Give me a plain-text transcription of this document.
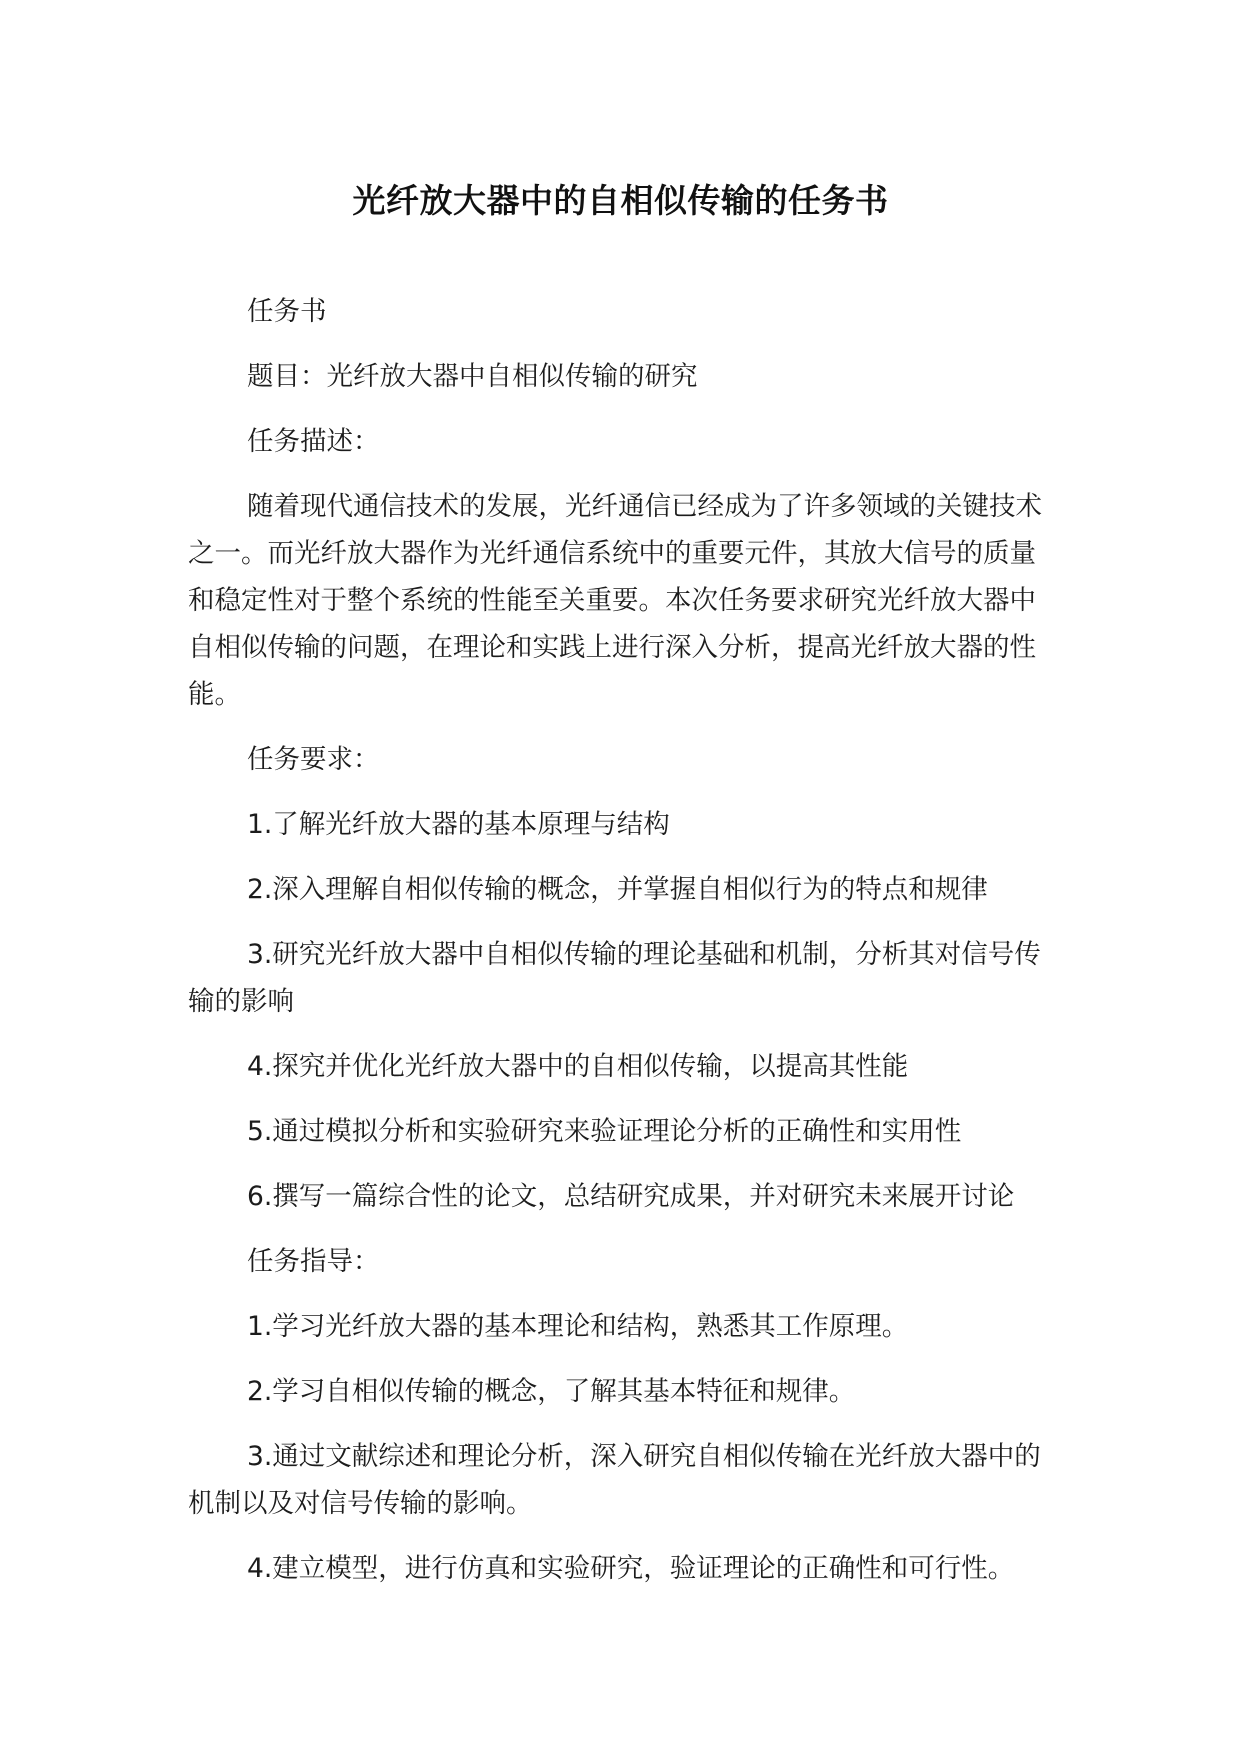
光纤放大器中的自相似传输的任务书

任务书

题目：光纤放大器中自相似传输的研究

任务描述：

随着现代通信技术的发展，光纤通信已经成为了许多领域的关键技术之一。而光纤放大器作为光纤通信系统中的重要元件，其放大信号的质量和稳定性对于整个系统的性能至关重要。本次任务要求研究光纤放大器中自相似传输的问题，在理论和实践上进行深入分析，提高光纤放大器的性能。

任务要求：

1.了解光纤放大器的基本原理与结构

2.深入理解自相似传输的概念，并掌握自相似行为的特点和规律

3.研究光纤放大器中自相似传输的理论基础和机制，分析其对信号传输的影响

4.探究并优化光纤放大器中的自相似传输，以提高其性能

5.通过模拟分析和实验研究来验证理论分析的正确性和实用性

6.撰写一篇综合性的论文，总结研究成果，并对研究未来展开讨论

任务指导：

1.学习光纤放大器的基本理论和结构，熟悉其工作原理。

2.学习自相似传输的概念，了解其基本特征和规律。

3.通过文献综述和理论分析，深入研究自相似传输在光纤放大器中的机制以及对信号传输的影响。

4.建立模型，进行仿真和实验研究，验证理论的正确性和可行性。
